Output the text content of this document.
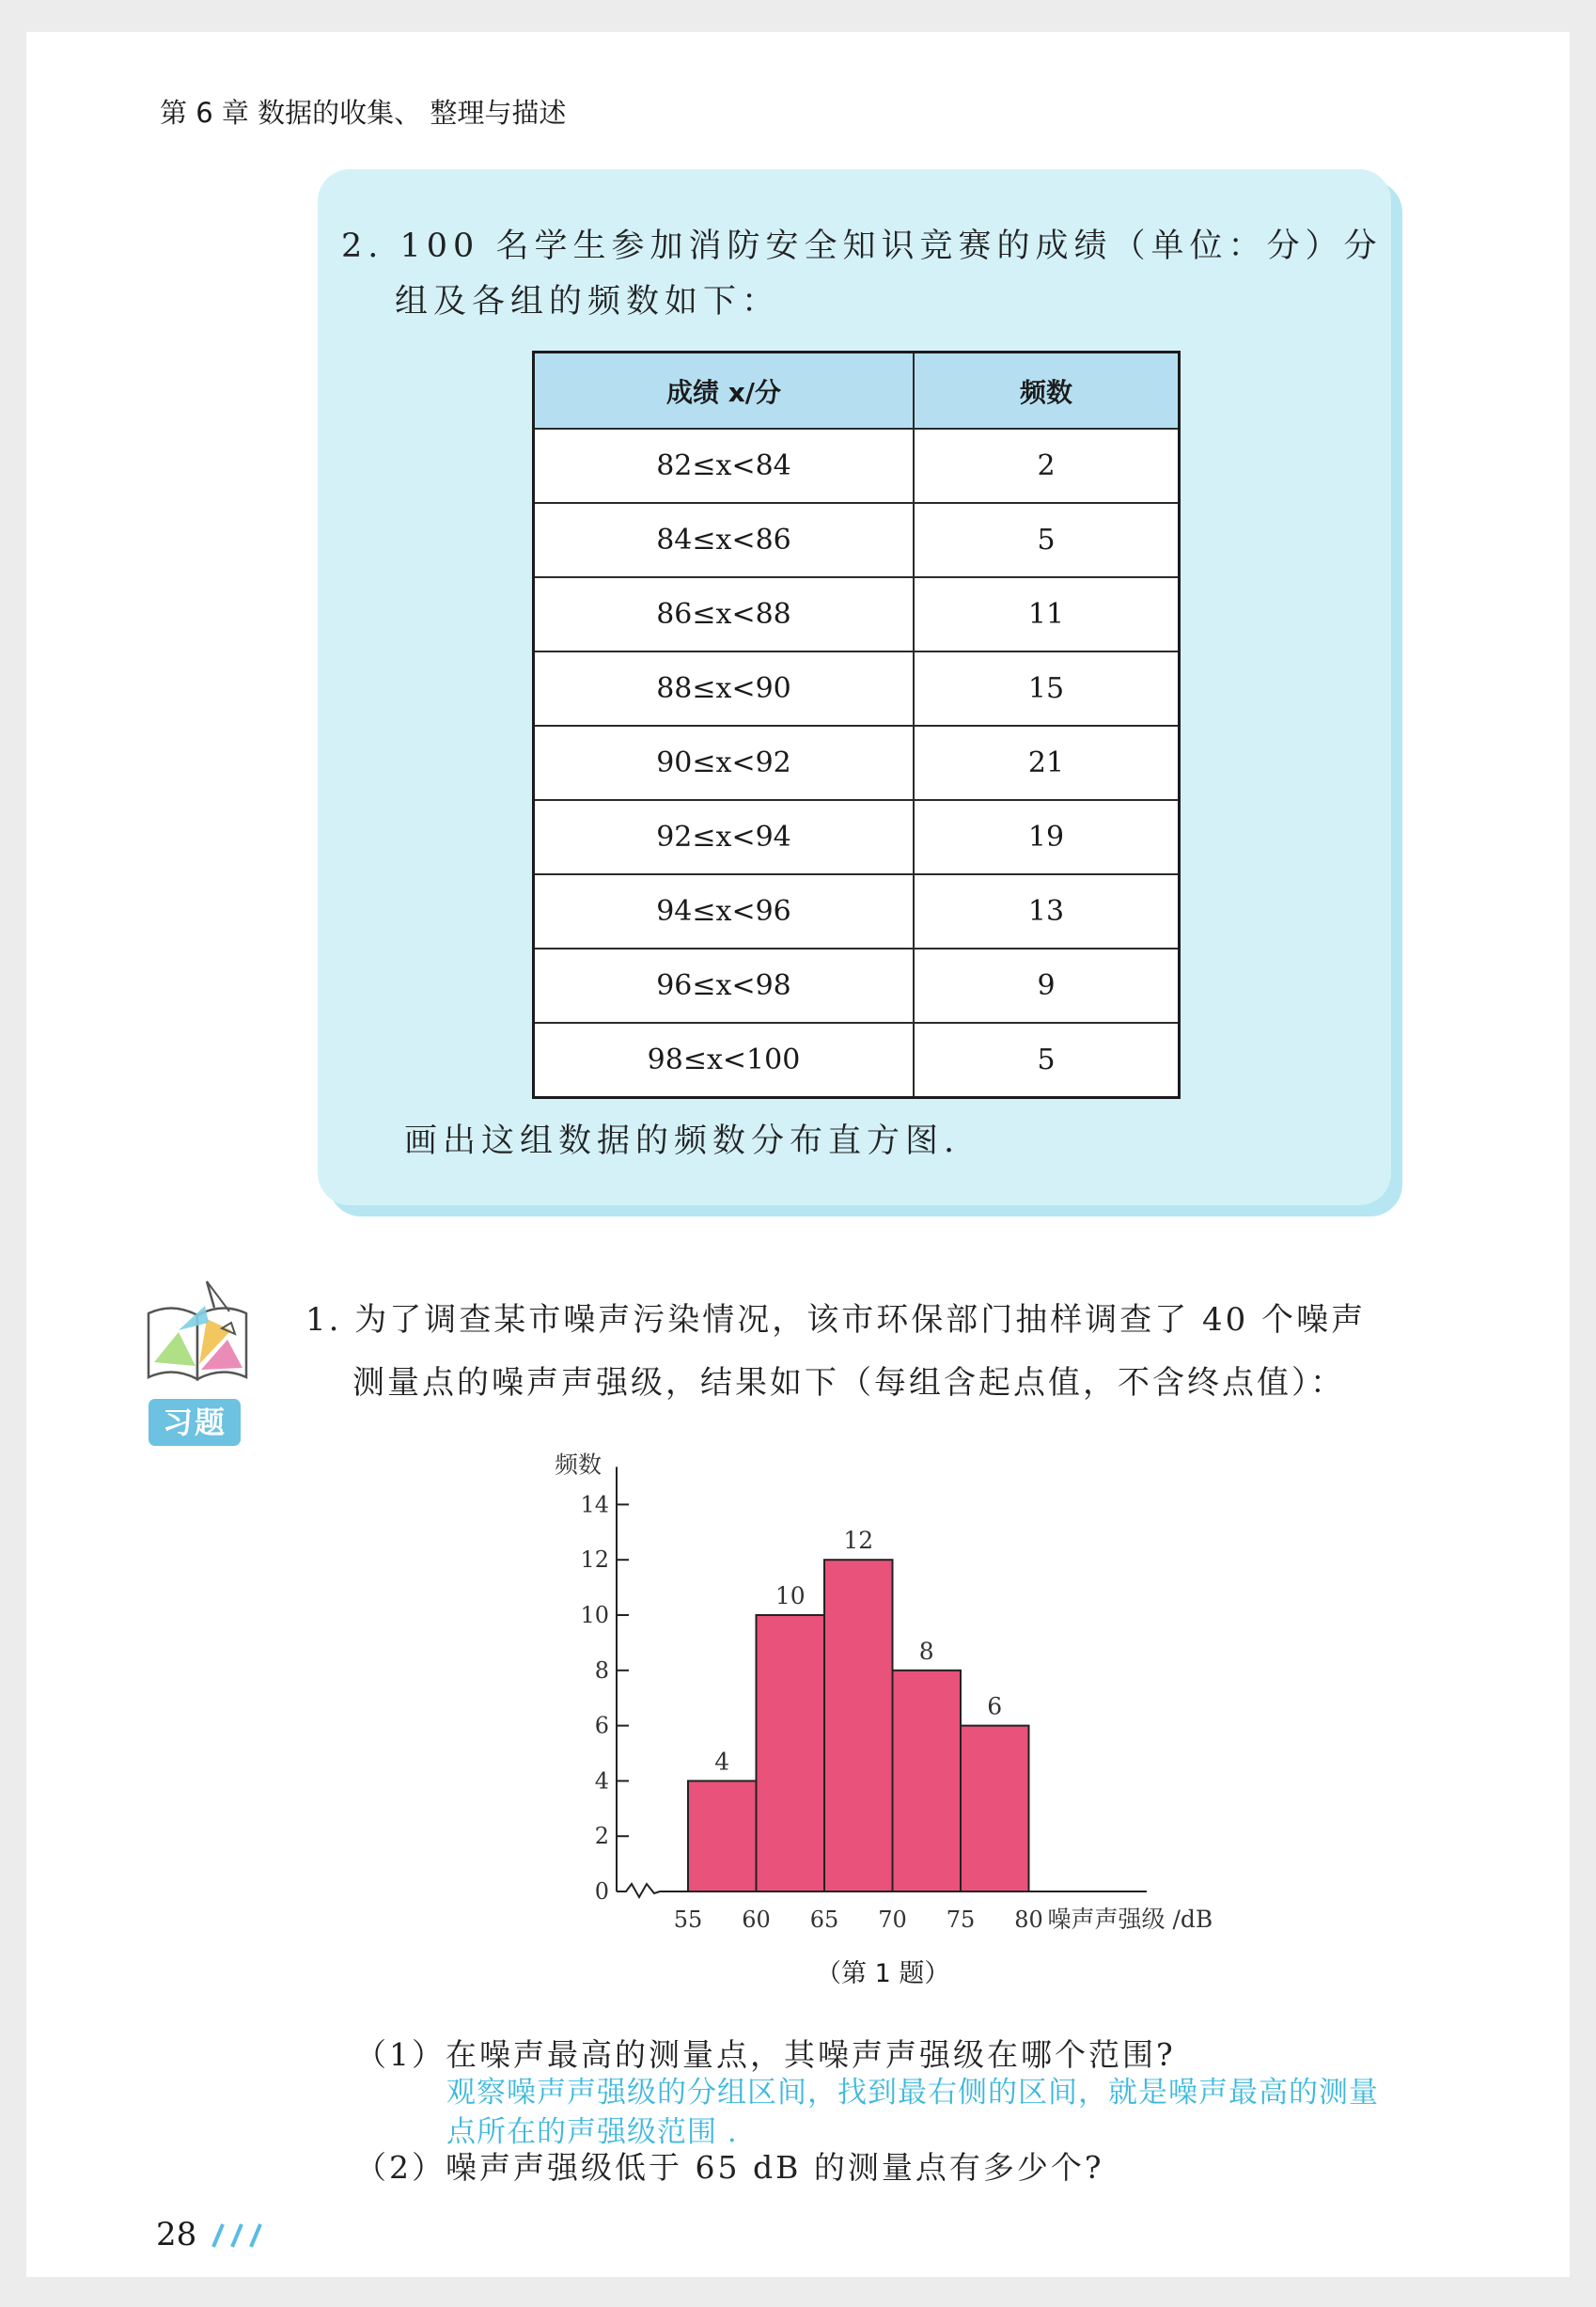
第 6 章 数据的收集、 整理与描述
2. 100 名学生参加消防安全知识竞赛的成绩（单位：分）分
组及各组的频数如下：
成绩 x/分	频数
82≤x<84	2
84≤x<86	5
86≤x<88	11
88≤x<90	15
90≤x<92	21
92≤x<94	19
94≤x<96	13
96≤x<98	9
98≤x<100	5
画出这组数据的频数分布直方图.
习题
1. 为了调查某市噪声污染情况，该市环保部门抽样调查了 40 个噪声
测量点的噪声声强级，结果如下（每组含起点值，不含终点值）：
0
2
4
6
8
10
12
14
频数
55 60 65 70 75 80 噪声声强级 /dB
4
10
12
8
6
（第 1 题）
（1）在噪声最高的测量点，其噪声声强级在哪个范围?
观察噪声声强级的分组区间，找到最右侧的区间，就是噪声最高的测量
点所在的声强级范围 .
（2）噪声声强级低于 65 dB 的测量点有多少个?
28
